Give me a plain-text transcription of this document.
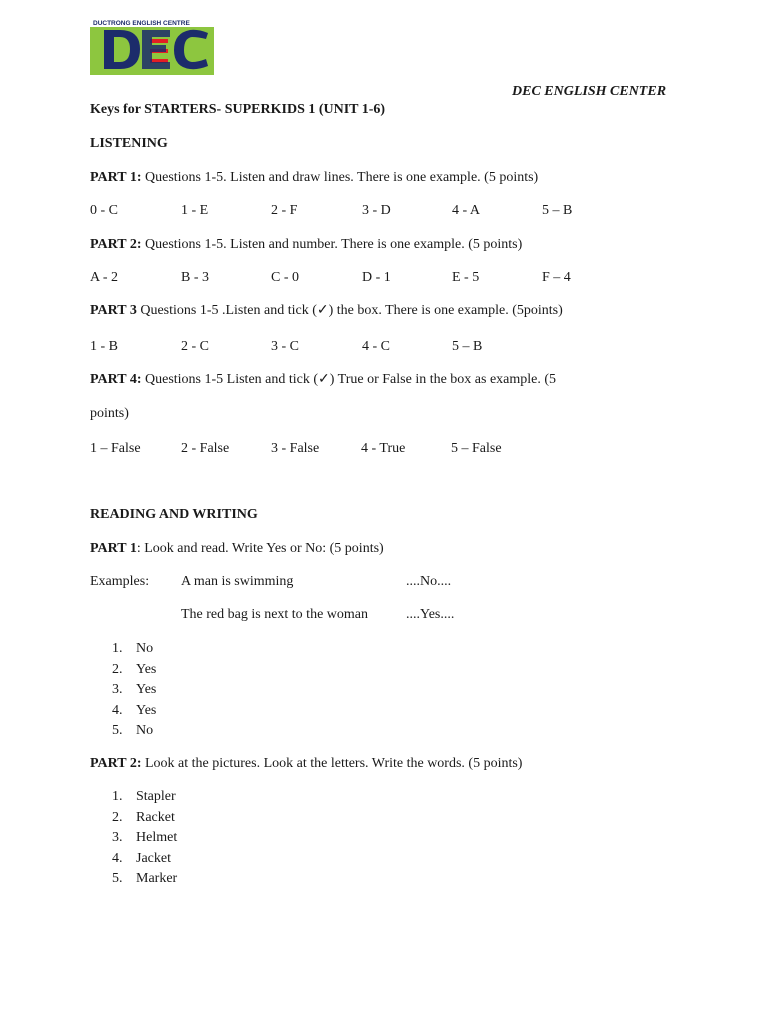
DUCTRONG ENGLISH CENTRE
DEC ENGLISH CENTER
Keys for STARTERS- SUPERKIDS 1 (UNIT 1-6)
LISTENING
PART 1: Questions 1-5. Listen and draw lines. There is one example. (5 points)
0 - C	1 - E	2 - F	3 - D	4 - A	5 – B
PART 2: Questions 1-5. Listen and number. There is one example. (5 points)
A - 2	B - 3	C - 0	D - 1	E - 5	F – 4
PART 3 Questions 1-5 .Listen and tick (✓) the box. There is one example. (5points)
1 - B	2 - C	3 - C	4 - C	5 – B
PART 4: Questions 1-5 Listen and tick (✓) True or False in the box as example. (5
points)
1 – False	2 - False	3 - False	4 - True	5 – False
READING AND WRITING
PART 1: Look and read. Write Yes or No: (5 points)
Examples: A man is swimming	....No....
The red bag is next to the woman	....Yes....
1. No
2. Yes
3. Yes
4. Yes
5. No
PART 2: Look at the pictures. Look at the letters. Write the words. (5 points)
1. Stapler
2. Racket
3. Helmet
4. Jacket
5. Marker
